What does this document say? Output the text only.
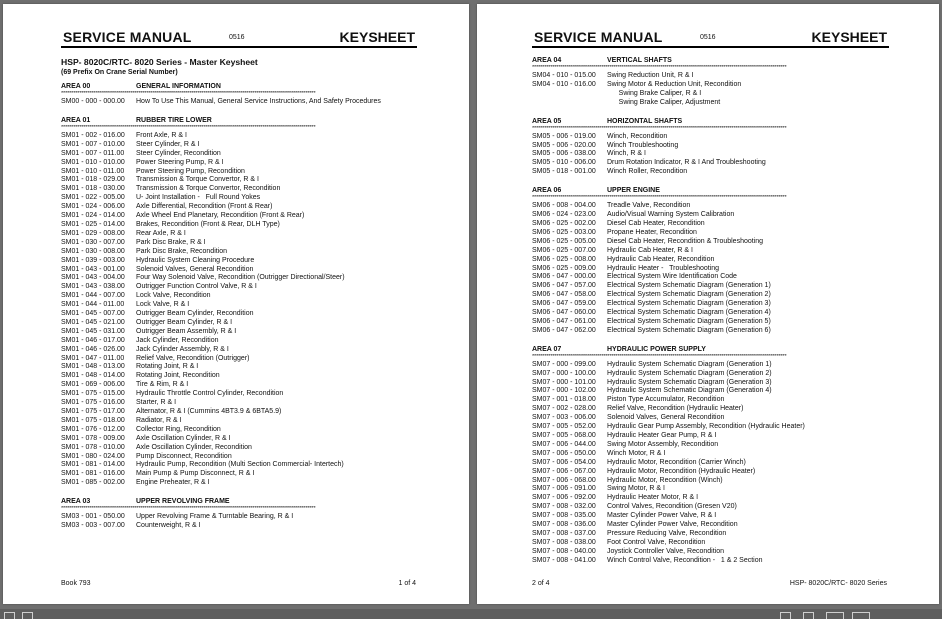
SERVICE MANUAL	0516	KEYSHEET
HSP- 8020C/RTC- 8020 Series - Master Keysheet
(69 Prefix On Crane Serial Number)
AREA 00	GENERAL INFORMATION
*****************************************************************************************************************************
SM00 - 000 - 000.00	How To Use This Manual, General Service Instructions, And Safety Procedures
AREA 01	RUBBER TIRE LOWER
*****************************************************************************************************************************
SM01 - 002 - 016.00	Front Axle, R & I
SM01 - 007 - 010.00	Steer Cylinder, R & I
SM01 - 007 - 011.00	Steer Cylinder, Recondition
SM01 - 010 - 010.00	Power Steering Pump, R & I
SM01 - 010 - 011.00	Power Steering Pump, Recondition
SM01 - 018 - 029.00	Transmission & Torque Convertor, R & I
SM01 - 018 - 030.00	Transmission & Torque Convertor, Recondition
SM01 - 022 - 005.00	U- Joint Installation -   Full Round Yokes
SM01 - 024 - 006.00	Axle Differential, Recondition (Front & Rear)
SM01 - 024 - 014.00	Axle Wheel End Planetary, Recondition (Front & Rear)
SM01 - 025 - 014.00	Brakes, Recondition (Front & Rear, DLH Type)
SM01 - 029 - 008.00	Rear Axle, R & I
SM01 - 030 - 007.00	Park Disc Brake, R & I
SM01 - 030 - 008.00	Park Disc Brake, Recondition
SM01 - 039 - 003.00	Hydraulic System Cleaning Procedure
SM01 - 043 - 001.00	Solenoid Valves, General Recondition
SM01 - 043 - 004.00	Four Way Solenoid Valve, Recondition (Outrigger Directional/Steer)
SM01 - 043 - 038.00	Outrigger Function Control Valve, R & I
SM01 - 044 - 007.00	Lock Valve, Recondition
SM01 - 044 - 011.00	Lock Valve, R & I
SM01 - 045 - 007.00	Outrigger Beam Cylinder, Recondition
SM01 - 045 - 021.00	Outrigger Beam Cylinder, R & I
SM01 - 045 - 031.00	Outrigger Beam Assembly, R & I
SM01 - 046 - 017.00	Jack Cylinder, Recondition
SM01 - 046 - 026.00	Jack Cylinder Assembly, R & I
SM01 - 047 - 011.00	Relief Valve, Recondition (Outrigger)
SM01 - 048 - 013.00	Rotating Joint, R & I
SM01 - 048 - 014.00	Rotating Joint, Recondition
SM01 - 069 - 006.00	Tire & Rim, R & I
SM01 - 075 - 015.00	Hydraulic Throttle Control Cylinder, Recondition
SM01 - 075 - 016.00	Starter, R & I
SM01 - 075 - 017.00	Alternator, R & I (Cummins 4BT3.9 & 6BTA5.9)
SM01 - 075 - 018.00	Radiator, R & I
SM01 - 076 - 012.00	Collector Ring, Recondition
SM01 - 078 - 009.00	Axle Oscillation Cylinder, R & I
SM01 - 078 - 010.00	Axle Oscillation Cylinder, Recondition
SM01 - 080 - 024.00	Pump Disconnect, Recondition
SM01 - 081 - 014.00	Hydraulic Pump, Recondition (Multi Section Commercial- Intertech)
SM01 - 081 - 016.00	Main Pump & Pump Disconnect, R & I
SM01 - 085 - 002.00	Engine Preheater, R & I
AREA 03	UPPER REVOLVING FRAME
*****************************************************************************************************************************
SM03 - 001 - 050.00	Upper Revolving Frame & Turntable Bearing, R & I
SM03 - 003 - 007.00	Counterweight, R & I
Book 793	1 of 4
SERVICE MANUAL	0516	KEYSHEET
AREA 04	VERTICAL SHAFTS
*****************************************************************************************************************************
SM04 - 010 - 015.00	Swing Reduction Unit, R & I
SM04 - 010 - 016.00	Swing Motor & Reduction Unit, Recondition
Swing Brake Caliper, R & I
Swing Brake Caliper, Adjustment
AREA 05	HORIZONTAL SHAFTS
*****************************************************************************************************************************
SM05 - 006 - 019.00	Winch, Recondition
SM05 - 006 - 020.00	Winch Troubleshooting
SM05 - 006 - 038.00	Winch, R & I
SM05 - 010 - 006.00	Drum Rotation Indicator, R & I And Troubleshooting
SM05 - 018 - 001.00	Winch Roller, Recondition
AREA 06	UPPER ENGINE
*****************************************************************************************************************************
SM06 - 008 - 004.00	Treadle Valve, Recondition
SM06 - 024 - 023.00	Audio/Visual Warning System Calibration
SM06 - 025 - 002.00	Diesel Cab Heater, Recondition
SM06 - 025 - 003.00	Propane Heater, Recondition
SM06 - 025 - 005.00	Diesel Cab Heater, Recondition & Troubleshooting
SM06 - 025 - 007.00	Hydraulic Cab Heater, R & I
SM06 - 025 - 008.00	Hydraulic Cab Heater, Recondition
SM06 - 025 - 009.00	Hydraulic Heater -   Troubleshooting
SM06 - 047 - 000.00	Electrical System Wire Identification Code
SM06 - 047 - 057.00	Electrical System Schematic Diagram (Generation 1)
SM06 - 047 - 058.00	Electrical System Schematic Diagram (Generation 2)
SM06 - 047 - 059.00	Electrical System Schematic Diagram (Generation 3)
SM06 - 047 - 060.00	Electrical System Schematic Diagram (Generation 4)
SM06 - 047 - 061.00	Electrical System Schematic Diagram (Generation 5)
SM06 - 047 - 062.00	Electrical System Schematic Diagram (Generation 6)
AREA 07	HYDRAULIC POWER SUPPLY
*****************************************************************************************************************************
SM07 - 000 - 099.00	Hydraulic System Schematic Diagram (Generation 1)
SM07 - 000 - 100.00	Hydraulic System Schematic Diagram (Generation 2)
SM07 - 000 - 101.00	Hydraulic System Schematic Diagram (Generation 3)
SM07 - 000 - 102.00	Hydraulic System Schematic Diagram (Generation 4)
SM07 - 001 - 018.00	Piston Type Accumulator, Recondition
SM07 - 002 - 028.00	Relief Valve, Recondition (Hydraulic Heater)
SM07 - 003 - 006.00	Solenoid Valves, General Recondition
SM07 - 005 - 052.00	Hydraulic Gear Pump Assembly, Recondition (Hydraulic Heater)
SM07 - 005 - 068.00	Hydraulic Heater Gear Pump, R & I
SM07 - 006 - 044.00	Swing Motor Assembly, Recondition
SM07 - 006 - 050.00	Winch Motor, R & I
SM07 - 006 - 054.00	Hydraulic Motor, Recondition (Carrier Winch)
SM07 - 006 - 067.00	Hydraulic Motor, Recondition (Hydraulic Heater)
SM07 - 006 - 068.00	Hydraulic Motor, Recondition (Winch)
SM07 - 006 - 091.00	Swing Motor, R & I
SM07 - 006 - 092.00	Hydraulic Heater Motor, R & I
SM07 - 008 - 032.00	Control Valves, Recondition (Gresen V20)
SM07 - 008 - 035.00	Master Cylinder Power Valve, R & I
SM07 - 008 - 036.00	Master Cylinder Power Valve, Recondition
SM07 - 008 - 037.00	Pressure Reducing Valve, Recondition
SM07 - 008 - 038.00	Foot Control Valve, Recondition
SM07 - 008 - 040.00	Joystick Controller Valve, Recondition
SM07 - 008 - 041.00	Winch Control Valve, Recondition -   1 & 2 Section
2 of 4	HSP- 8020C/RTC- 8020 Series
